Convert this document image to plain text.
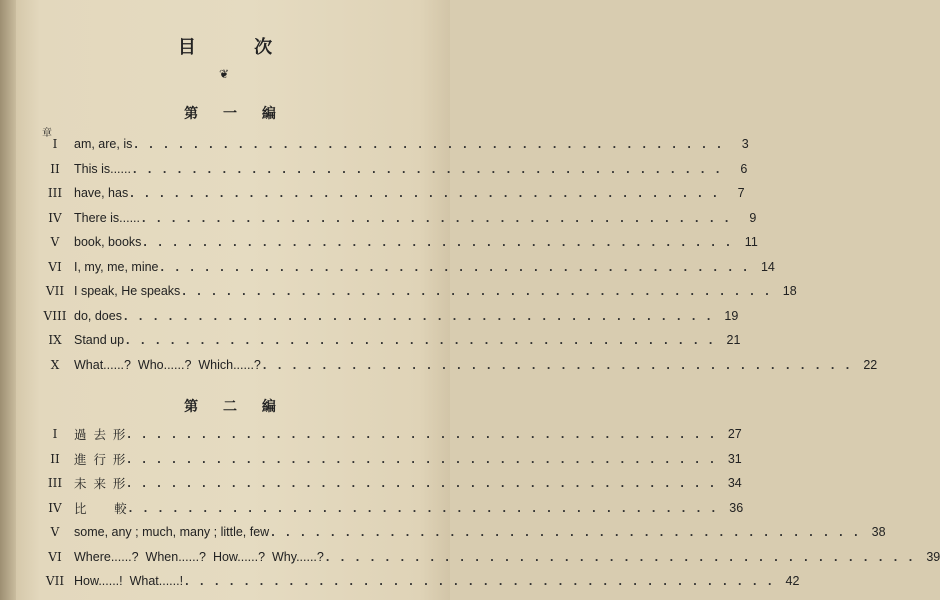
目 次
❦
第 一 編
章
I	am, are, is . . . . . . . . . . . . . . . . . . . . . . . . . . . . . . . . . . . . . . . .	3
II	This is...... . . . . . . . . . . . . . . . . . . . . . . . . . . . . . . . . . . . . . . . .	6
III have, has . . . . . . . . . . . . . . . . . . . . . . . . . . . . . . . . . . . . . . . .	7
IV There is...... . . . . . . . . . . . . . . . . . . . . . . . . . . . . . . . . . . . . . . . .	9
V	book, books . . . . . . . . . . . . . . . . . . . . . . . . . . . . . . . . . . . . . . . . 11
VI I, my, me, mine . . . . . . . . . . . . . . . . . . . . . . . . . . . . . . . . . . . . . . . . 14
VII I speak, He speaks . . . . . . . . . . . . . . . . . . . . . . . . . . . . . . . . . . . . . . . . 18
VIII do, does . . . . . . . . . . . . . . . . . . . . . . . . . . . . . . . . . . . . . . . . 19
IX Stand up . . . . . . . . . . . . . . . . . . . . . . . . . . . . . . . . . . . . . . . . 21
X	What......?  Who......?  Which......? . . . . . . . . . . . . . . . . . . . . . . . . . . . . . . . . . . . . . . . . 22
第 二 編
I	過  去  形 . . . . . . . . . . . . . . . . . . . . . . . . . . . . . . . . . . . . . . . . 27
II	進  行  形 . . . . . . . . . . . . . . . . . . . . . . . . . . . . . . . . . . . . . . . . 31
III 未  来  形 . . . . . . . . . . . . . . . . . . . . . . . . . . . . . . . . . . . . . . . . 34
IV 比        較 . . . . . . . . . . . . . . . . . . . . . . . . . . . . . . . . . . . . . . . . 36
V	some, any ; much, many ; little, few . . . . . . . . . . . . . . . . . . . . . . . . . . . . . . . . . . . . . . . . 38
VI Where......?  When......?  How......?  Why......? . . . . . . . . . . . . . . . . . . . . . . . . . . . . . . . . . . . . . . . . 39
VII How......!  What......! . . . . . . . . . . . . . . . . . . . . . . . . . . . . . . . . . . . . . . . . 42
